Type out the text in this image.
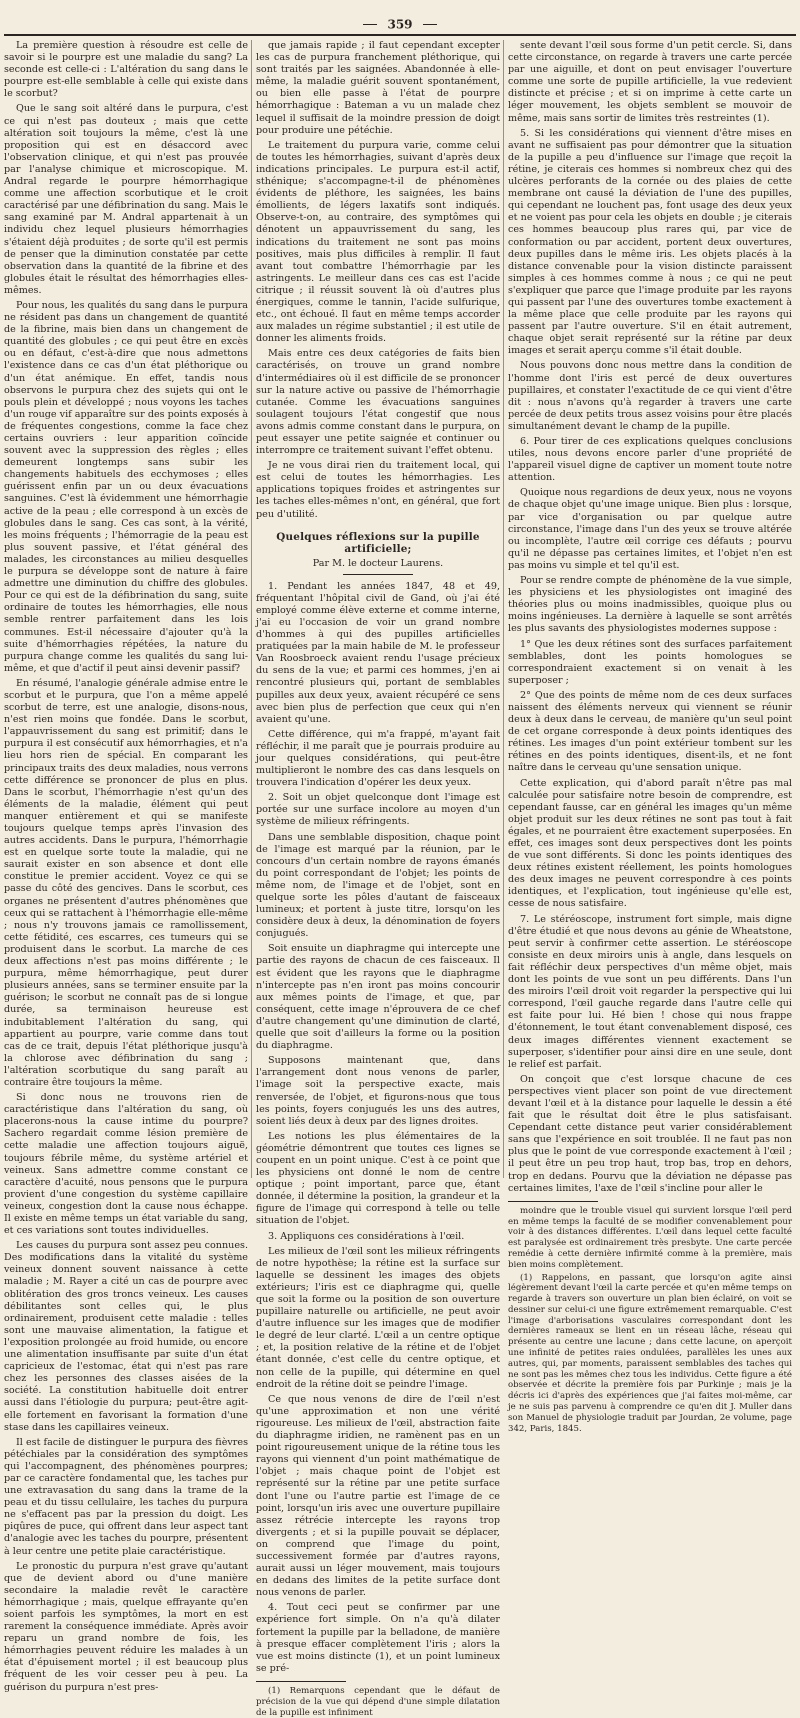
359

La première question à résoudre est celle de savoir si le pourpre est une maladie du sang? La seconde est celle-ci : L'altération du sang dans le pourpre est-elle semblable à celle qui existe dans le scorbut?

Que le sang soit altéré dans le purpura, c'est ce qui n'est pas douteux ; mais que cette altération soit toujours la même, c'est là une proposition qui est en désaccord avec l'observation clinique, et qui n'est pas prouvée par l'analyse chimique et microscopique. M. Andral regarde le pourpre hémorrhagique comme une affection scorbutique et le croit caractérisé par une défibrination du sang. Mais le sang examiné par M. Andral appartenait à un individu chez lequel plusieurs hémorrhagies s'étaient déjà produites ; de sorte qu'il est permis de penser que la diminution constatée par cette observation dans la quantité de la fibrine et des globules était le résultat des hémorrhagies elles-mêmes.

Pour nous, les qualités du sang dans le purpura ne résident pas dans un changement de quantité de la fibrine, mais bien dans un changement de quantité des globules ; ce qui peut être en excès ou en défaut, c'est-à-dire que nous admettons l'existence dans ce cas d'un état pléthorique ou d'un état anémique. En effet, tandis nous observons le purpura chez des sujets qui ont le pouls plein et développé ; nous voyons les taches d'un rouge vif apparaître sur des points exposés à de fréquentes congestions, comme la face chez certains ouvriers : leur apparition coïncide souvent avec la suppression des règles ; elles demeurent longtemps sans subir les changements habituels des ecchymoses ; elles guérissent enfin par un ou deux évacuations sanguines. C'est là évidemment une hémorrhagie active de la peau ; elle correspond à un excès de globules dans le sang. Ces cas sont, à la vérité, les moins fréquents ; l'hémorragie de la peau est plus souvent passive, et l'état général des malades, les circonstances au milieu desquelles le purpura se développe sont de nature à faire admettre une diminution du chiffre des globules. Pour ce qui est de la défibrination du sang, suite ordinaire de toutes les hémorrhagies, elle nous semble rentrer parfaitement dans les lois communes. Est-il nécessaire d'ajouter qu'à la suite d'hémorrhagies répétées, la nature du purpura change comme les qualités du sang lui-même, et que d'actif il peut ainsi devenir passif?

En résumé, l'analogie générale admise entre le scorbut et le purpura, que l'on a même appelé scorbut de terre, est une analogie, disons-nous, n'est rien moins que fondée. Dans le scorbut, l'appauvrissement du sang est primitif; dans le purpura il est consécutif aux hémorrhagies, et n'a lieu hors rien de spécial. En comparant les principaux traits des deux maladies, nous verrons cette différence se prononcer de plus en plus. Dans le scorbut, l'hémorrhagie n'est qu'un des éléments de la maladie, élément qui peut manquer entièrement et qui se manifeste toujours quelque temps après l'invasion des autres accidents. Dans le purpura, l'hémorrhagie est en quelque sorte toute la maladie, qui ne saurait exister en son absence et dont elle constitue le premier accident. Voyez ce qui se passe du côté des gencives. Dans le scorbut, ces organes ne présentent d'autres phénomènes que ceux qui se rattachent à l'hémorrhagie elle-même ; nous n'y trouvons jamais ce ramollissement, cette fétidité, ces escarres, ces tumeurs qui se produisent dans le scorbut. La marche de ces deux affections n'est pas moins différente ; le purpura, même hémorrhagique, peut durer plusieurs années, sans se terminer ensuite par la guérison; le scorbut ne connaît pas de si longue durée, sa terminaison heureuse est indubitablement l'altération du sang, qui appartient au pourpre, varie comme dans tout cas de ce trait, depuis l'état pléthorique jusqu'à la chlorose avec défibrination du sang ; l'altération scorbutique du sang paraît au contraire être toujours la même.

Si donc nous ne trouvons rien de caractéristique dans l'altération du sang, où placerons-nous la cause intime du pourpre? Sachero regardait comme lésion première de cette maladie une affection toujours aiguë, toujours fébrile même, du système artériel et veineux. Sans admettre comme constant ce caractère d'acuité, nous pensons que le purpura provient d'une congestion du système capillaire veineux, congestion dont la cause nous échappe. Il existe en même temps un état variable du sang, et ces variations sont toutes individuelles.

Les causes du purpura sont assez peu connues. Des modifications dans la vitalité du système veineux donnent souvent naissance à cette maladie ; M. Rayer a cité un cas de pourpre avec oblitération des gros troncs veineux. Les causes débilitantes sont celles qui, le plus ordinairement, produisent cette maladie : telles sont une mauvaise alimentation, la fatigue et l'exposition prolongée au froid humide, ou encore une alimentation insuffisante par suite d'un état capricieux de l'estomac, état qui n'est pas rare chez les personnes des classes aisées de la société. La constitution habituelle doit entrer aussi dans l'étiologie du purpura; peut-être agit-elle fortement en favorisant la formation d'une stase dans les capillaires veineux.

Il est facile de distinguer le purpura des fièvres pétéchiales par la considération des symptômes qui l'accompagnent, des phénomènes pourpres; par ce caractère fondamental que, les taches pur une extravasation du sang dans la trame de la peau et du tissu cellulaire, les taches du purpura ne s'effacent pas par la pression du doigt. Les piqûres de puce, qui offrent dans leur aspect tant d'analogie avec les taches du pourpre, présentent à leur centre une petite plaie caractéristique.

Le pronostic du purpura n'est grave qu'autant que de devient abord ou d'une manière secondaire la maladie revêt le caractère hémorrhagique ; mais, quelque effrayante qu'en soient parfois les symptômes, la mort en est rarement la conséquence immédiate. Après avoir reparu un grand nombre de fois, les hémorrhagies peuvent réduire les malades à un état d'épuisement mortel ; il est beaucoup plus fréquent de les voir cesser peu à peu. La guérison du purpura n'est pres-

que jamais rapide ; il faut cependant excepter les cas de purpura franchement pléthorique, qui sont traités par les saignées. Abandonnée à elle-même, la maladie guérit souvent spontanément, ou bien elle passe à l'état de pourpre hémorrhagique : Bateman a vu un malade chez lequel il suffisait de la moindre pression de doigt pour produire une pétéchie.

Le traitement du purpura varie, comme celui de toutes les hémorrhagies, suivant d'après deux indications principales. Le purpura est-il actif, sthénique; s'accompagne-t-il de phénomènes évidents de pléthore, les saignées, les bains émollients, de légers laxatifs sont indiqués. Observe-t-on, au contraire, des symptômes qui dénotent un appauvrissement du sang, les indications du traitement ne sont pas moins positives, mais plus difficiles à remplir. Il faut avant tout combattre l'hémorrhagie par les astringents. Le meilleur dans ces cas est l'acide citrique ; il réussit souvent là où d'autres plus énergiques, comme le tannin, l'acide sulfurique, etc., ont échoué. Il faut en même temps accorder aux malades un régime substantiel ; il est utile de donner les aliments froids.

Mais entre ces deux catégories de faits bien caractérisés, on trouve un grand nombre d'intermédiaires où il est difficile de se prononcer sur la nature active ou passive de l'hémorrhagie cutanée. Comme les évacuations sanguines soulagent toujours l'état congestif que nous avons admis comme constant dans le purpura, on peut essayer une petite saignée et continuer ou interrompre ce traitement suivant l'effet obtenu.

Je ne vous dirai rien du traitement local, qui est celui de toutes les hémorrhagies. Les applications topiques froides et astringentes sur les taches elles-mêmes n'ont, en général, que fort peu d'utilité.

Quelques réflexions sur la pupille artificielle;
Par M. le docteur Laurens.

1. Pendant les années 1847, 48 et 49, fréquentant l'hôpital civil de Gand, où j'ai été employé comme élève externe et comme interne, j'ai eu l'occasion de voir un grand nombre d'hommes à qui des pupilles artificielles pratiquées par la main habile de M. le professeur Van Roosbroeck avaient rendu l'usage précieux du sens de la vue; et parmi ces hommes, j'en ai rencontré plusieurs qui, portant de semblables pupilles aux deux yeux, avaient récupéré ce sens avec bien plus de perfection que ceux qui n'en avaient qu'une.

Cette différence, qui m'a frappé, m'ayant fait réfléchir, il me paraît que je pourrais produire au jour quelques considérations, qui peut-être multiplieront le nombre des cas dans lesquels on trouvera l'indication d'opérer les deux yeux.

2. Soit un objet quelconque dont l'image est portée sur une surface incolore au moyen d'un système de milieux réfringents.

Dans une semblable disposition, chaque point de l'image est marqué par la réunion, par le concours d'un certain nombre de rayons émanés du point correspondant de l'objet; les points de même nom, de l'image et de l'objet, sont en quelque sorte les pôles d'autant de faisceaux lumineux; et portent à juste titre, lorsqu'on les considère deux à deux, la dénomination de foyers conjugués.

Soit ensuite un diaphragme qui intercepte une partie des rayons de chacun de ces faisceaux. Il est évident que les rayons que le diaphragme n'intercepte pas n'en iront pas moins concourir aux mêmes points de l'image, et que, par conséquent, cette image n'éprouvera de ce chef d'autre changement qu'une diminution de clarté, quelle que soit d'ailleurs la forme ou la position du diaphragme.

Supposons maintenant que, dans l'arrangement dont nous venons de parler, l'image soit la perspective exacte, mais renversée, de l'objet, et figurons-nous que tous les points, foyers conjugués les uns des autres, soient liés deux à deux par des lignes droites.

Les notions les plus élémentaires de la géométrie démontrent que toutes ces lignes se coupent en un point unique. C'est à ce point que les physiciens ont donné le nom de centre optique ; point important, parce que, étant donnée, il détermine la position, la grandeur et la figure de l'image qui correspond à telle ou telle situation de l'objet.

3. Appliquons ces considérations à l'œil.

Les milieux de l'œil sont les milieux réfringents de notre hypothèse; la rétine est la surface sur laquelle se dessinent les images des objets extérieurs; l'iris est ce diaphragme qui, quelle que soit la forme ou la position de son ouverture pupillaire naturelle ou artificielle, ne peut avoir d'autre influence sur les images que de modifier le degré de leur clarté. L'œil a un centre optique ; et, la position relative de la rétine et de l'objet étant donnée, c'est celle du centre optique, et non celle de la pupille, qui détermine en quel endroit de la rétine doit se peindre l'image.

Ce que nous venons de dire de l'œil n'est qu'une approximation et non une vérité rigoureuse. Les milieux de l'œil, abstraction faite du diaphragme iridien, ne ramènent pas en un point rigoureusement unique de la rétine tous les rayons qui viennent d'un point mathématique de l'objet ; mais chaque point de l'objet est représenté sur la rétine par une petite surface dont l'une ou l'autre partie est l'image de ce point, lorsqu'un iris avec une ouverture pupillaire assez rétrécie intercepte les rayons trop divergents ; et si la pupille pouvait se déplacer, on comprend que l'image du point, successivement formée par d'autres rayons, aurait aussi un léger mouvement, mais toujours en dedans des limites de la petite surface dont nous venons de parler.

4. Tout ceci peut se confirmer par une expérience fort simple. On n'a qu'à dilater fortement la pupille par la belladone, de manière à presque effacer complètement l'iris ; alors la vue est moins distincte (1), et un point lumineux se pré-

(1) Remarquons cependant que le défaut de précision de la vue qui dépend d'une simple dilatation de la pupille est infiniment

sente devant l'œil sous forme d'un petit cercle. Si, dans cette circonstance, on regarde à travers une carte percée par une aiguille, et dont on peut envisager l'ouverture comme une sorte de pupille artificielle, la vue redevient distincte et précise ; et si on imprime à cette carte un léger mouvement, les objets semblent se mouvoir de même, mais sans sortir de limites très restreintes (1).

5. Si les considérations qui viennent d'être mises en avant ne suffisaient pas pour démontrer que la situation de la pupille a peu d'influence sur l'image que reçoit la rétine, je citerais ces hommes si nombreux chez qui des ulcères perforants de la cornée ou des plaies de cette membrane ont causé la déviation de l'une des pupilles, qui cependant ne louchent pas, font usage des deux yeux et ne voient pas pour cela les objets en double ; je citerais ces hommes beaucoup plus rares qui, par vice de conformation ou par accident, portent deux ouvertures, deux pupilles dans le même iris. Les objets placés à la distance convenable pour la vision distincte paraissent simples à ces hommes comme à nous ; ce qui ne peut s'expliquer que parce que l'image produite par les rayons qui passent par l'une des ouvertures tombe exactement à la même place que celle produite par les rayons qui passent par l'autre ouverture. S'il en était autrement, chaque objet serait représenté sur la rétine par deux images et serait aperçu comme s'il était double.

Nous pouvons donc nous mettre dans la condition de l'homme dont l'iris est percé de deux ouvertures pupillaires, et constater l'exactitude de ce qui vient d'être dit : nous n'avons qu'à regarder à travers une carte percée de deux petits trous assez voisins pour être placés simultanément devant le champ de la pupille.

6. Pour tirer de ces explications quelques conclusions utiles, nous devons encore parler d'une propriété de l'appareil visuel digne de captiver un moment toute notre attention.

Quoique nous regardions de deux yeux, nous ne voyons de chaque objet qu'une image unique. Bien plus : lorsque, par vice d'organisation ou par quelque autre circonstance, l'image dans l'un des yeux se trouve altérée ou incomplète, l'autre œil corrige ces défauts ; pourvu qu'il ne dépasse pas certaines limites, et l'objet n'en est pas moins vu simple et tel qu'il est.

Pour se rendre compte de phénomène de la vue simple, les physiciens et les physiologistes ont imaginé des théories plus ou moins inadmissibles, quoique plus ou moins ingénieuses. La dernière à laquelle se sont arrêtés les plus savants des physiologistes modernes suppose :

1° Que les deux rétines sont des surfaces parfaitement semblables, dont les points homologues se correspondraient exactement si on venait à les superposer ;

2° Que des points de même nom de ces deux surfaces naissent des éléments nerveux qui viennent se réunir deux à deux dans le cerveau, de manière qu'un seul point de cet organe corresponde à deux points identiques des rétines. Les images d'un point extérieur tombent sur les rétines en des points identiques, disent-ils, et ne font naître dans le cerveau qu'une sensation unique.

Cette explication, qui d'abord paraît n'être pas mal calculée pour satisfaire notre besoin de comprendre, est cependant fausse, car en général les images qu'un même objet produit sur les deux rétines ne sont pas tout à fait égales, et ne pourraient être exactement superposées. En effet, ces images sont deux perspectives dont les points de vue sont différents. Si donc les points identiques des deux rétines existent réellement, les points homologues des deux images ne peuvent correspondre à ces points identiques, et l'explication, tout ingénieuse qu'elle est, cesse de nous satisfaire.

7. Le stéréoscope, instrument fort simple, mais digne d'être étudié et que nous devons au génie de Wheatstone, peut servir à confirmer cette assertion. Le stéréoscope consiste en deux miroirs unis à angle, dans lesquels on fait réfléchir deux perspectives d'un même objet, mais dont les points de vue sont un peu différents. Dans l'un des miroirs l'œil droit voit regarder la perspective qui lui correspond, l'œil gauche regarde dans l'autre celle qui est faite pour lui. Hé bien ! chose qui nous frappe d'étonnement, le tout étant convenablement disposé, ces deux images différentes viennent exactement se superposer, s'identifier pour ainsi dire en une seule, dont le relief est parfait.

On conçoit que c'est lorsque chacune de ces perspectives vient placer son point de vue directement devant l'œil et à la distance pour laquelle le dessin a été fait que le résultat doit être le plus satisfaisant. Cependant cette distance peut varier considérablement sans que l'expérience en soit troublée. Il ne faut pas non plus que le point de vue corresponde exactement à l'œil ; il peut être un peu trop haut, trop bas, trop en dehors, trop en dedans. Pourvu que la déviation ne dépasse pas certaines limites, l'axe de l'œil s'incline pour aller le

moindre que le trouble visuel qui survient lorsque l'œil perd en même temps la faculté de se modifier convenablement pour voir à des distances différentes. L'œil dans lequel cette faculté est paralysée est ordinairement très presbyte. Une carte percée remédie à cette dernière infirmité comme à la première, mais bien moins complètement.

(1) Rappelons, en passant, que lorsqu'on agite ainsi légèrement devant l'œil la carte percée et qu'en même temps on regarde à travers son ouverture un plan bien éclairé, on voit se dessiner sur celui-ci une figure extrêmement remarquable. C'est l'image d'arborisations vasculaires correspondant dont les dernières rameaux se lient en un réseau lâche, réseau qui présente au centre une lacune ; dans cette lacune, on aperçoit une infinité de petites raies ondulées, parallèles les unes aux autres, qui, par moments, paraissent semblables des taches qui ne sont pas les mêmes chez tous les individus. Cette figure a été observée et décrite la première fois par Purkinje ; mais je la décris ici d'après des expériences que j'ai faites moi-même, car je ne suis pas parvenu à comprendre ce qu'en dit J. Muller dans son Manuel de physiologie traduit par Jourdan, 2e volume, page 342, Paris, 1845.
